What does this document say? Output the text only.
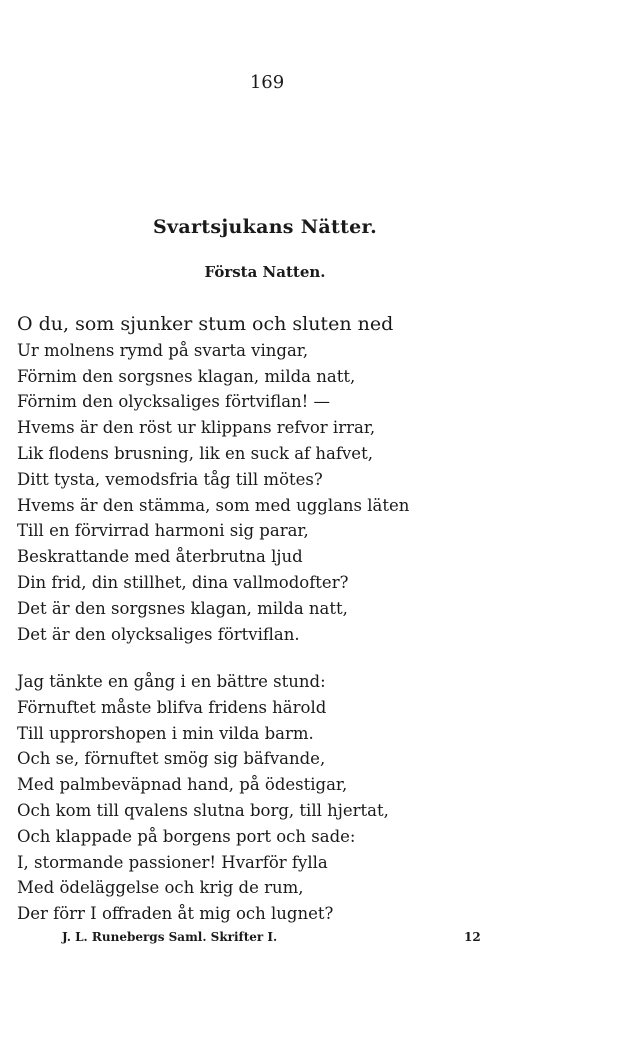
169
Svartsjukans Nätter.
Första Natten.
O du, som sjunker stum och sluten ned
Ur molnens rymd på svarta vingar,
Förnim den sorgsnes klagan, milda natt,
Förnim den olycksaliges förtviflan! —
Hvems är den röst ur klippans refvor irrar,
Lik flodens brusning, lik en suck af hafvet,
Ditt tysta, vemodsfria tåg till mötes?
Hvems är den stämma, som med ugglans läten
Till en förvirrad harmoni sig parar,
Beskrattande med återbrutna ljud
Din frid, din stillhet, dina vallmodofter?
Det är den sorgsnes klagan, milda natt,
Det är den olycksaliges förtviflan.
Jag tänkte en gång i en bättre stund:
Förnuftet måste blifva fridens härold
Till upprorshopen i min vilda barm.
Och se, förnuftet smög sig bäfvande,
Med palmbeväpnad hand, på ödestigar,
Och kom till qvalens slutna borg, till hjertat,
Och klappade på borgens port och sade:
I, stormande passioner! Hvarför fylla
Med ödeläggelse och krig de rum,
Der förr I offraden åt mig och lugnet?
J. L. Runebergs Saml. Skrifter I.	12
